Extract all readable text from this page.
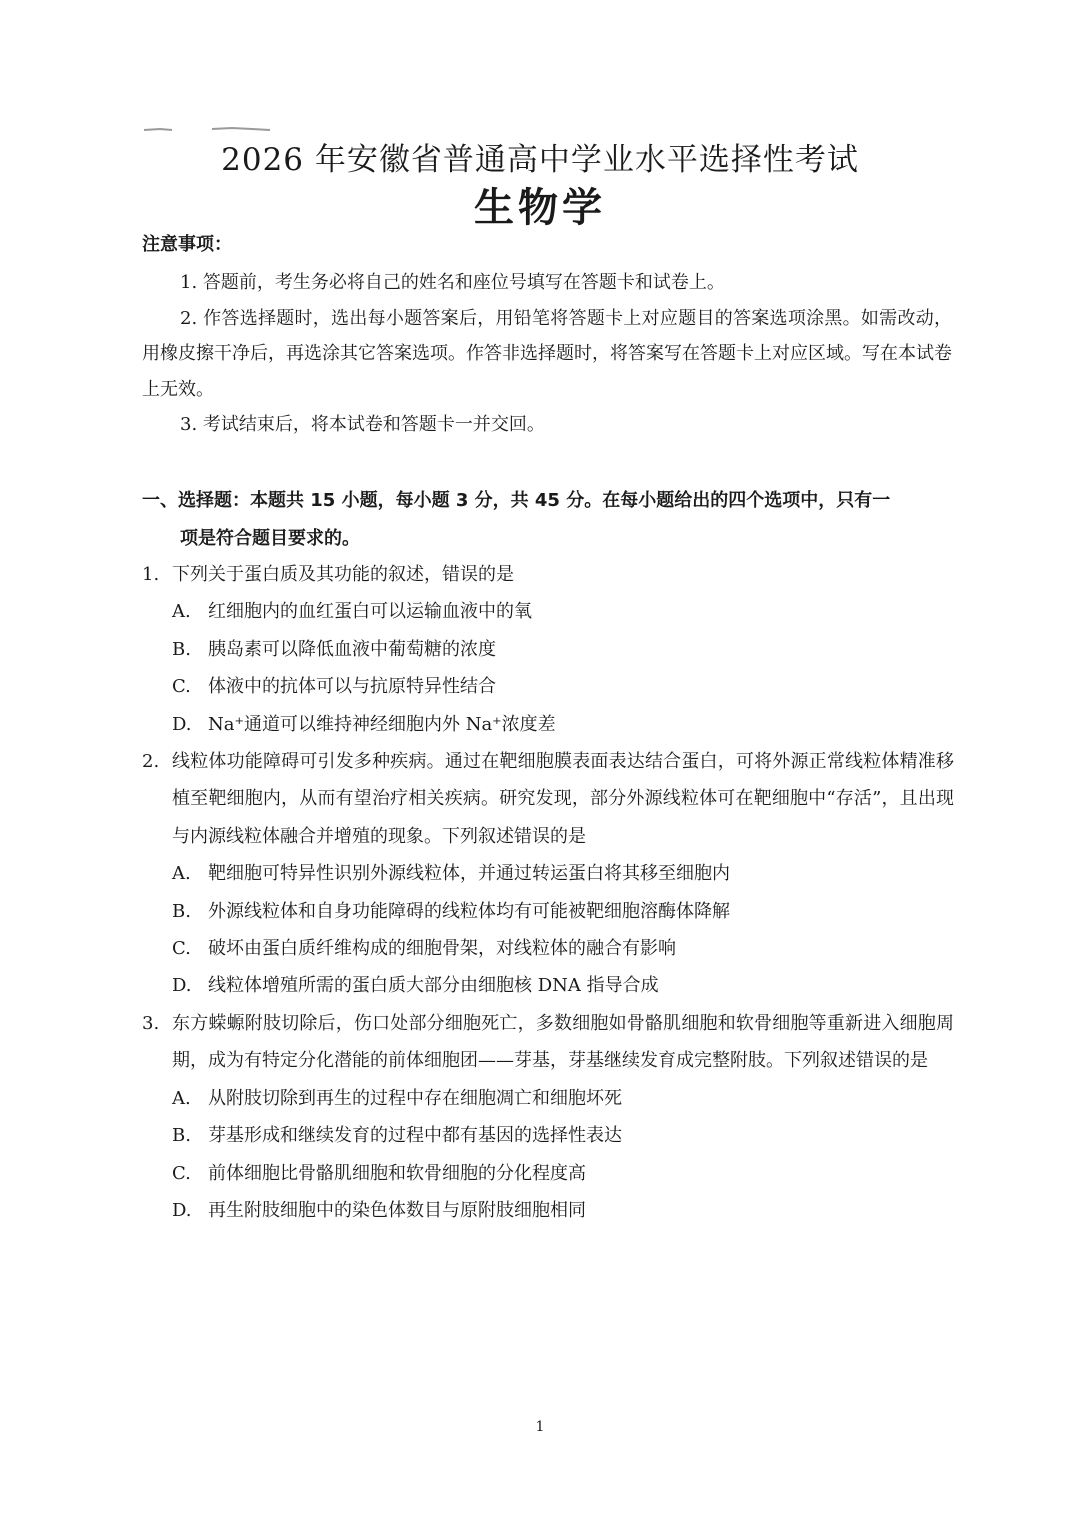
2026 年安徽省普通高中学业水平选择性考试
生物学
注意事项：

1. 答题前，考生务必将自己的姓名和座位号填写在答题卡和试卷上。

2. 作答选择题时，选出每小题答案后，用铅笔将答题卡上对应题目的答案选项涂黑。如需改动，用橡皮擦干净后，再选涂其它答案选项。作答非选择题时，将答案写在答题卡上对应区域。写在本试卷上无效。

3. 考试结束后，将本试卷和答题卡一并交回。

一、选择题：本题共 15 小题，每小题 3 分，共 45 分。在每小题给出的四个选项中，只有一
项是符合题目要求的。
1. 下列关于蛋白质及其功能的叙述，错误的是
A. 红细胞内的血红蛋白可以运输血液中的氧
B. 胰岛素可以降低血液中葡萄糖的浓度
C. 体液中的抗体可以与抗原特异性结合
D. Na⁺通道可以维持神经细胞内外 Na⁺浓度差
2. 线粒体功能障碍可引发多种疾病。通过在靶细胞膜表面表达结合蛋白，可将外源正常线粒体精准移植至靶细胞内，从而有望治疗相关疾病。研究发现，部分外源线粒体可在靶细胞中“存活”，且出现与内源线粒体融合并增殖的现象。下列叙述错误的是
A. 靶细胞可特异性识别外源线粒体，并通过转运蛋白将其移至细胞内
B. 外源线粒体和自身功能障碍的线粒体均有可能被靶细胞溶酶体降解
C. 破坏由蛋白质纤维构成的细胞骨架，对线粒体的融合有影响
D. 线粒体增殖所需的蛋白质大部分由细胞核 DNA 指导合成
3. 东方蝾螈附肢切除后，伤口处部分细胞死亡，多数细胞如骨骼肌细胞和软骨细胞等重新进入细胞周期，成为有特定分化潜能的前体细胞团——芽基，芽基继续发育成完整附肢。下列叙述错误的是
A. 从附肢切除到再生的过程中存在细胞凋亡和细胞坏死
B. 芽基形成和继续发育的过程中都有基因的选择性表达
C. 前体细胞比骨骼肌细胞和软骨细胞的分化程度高
D. 再生附肢细胞中的染色体数目与原附肢细胞相同
1
